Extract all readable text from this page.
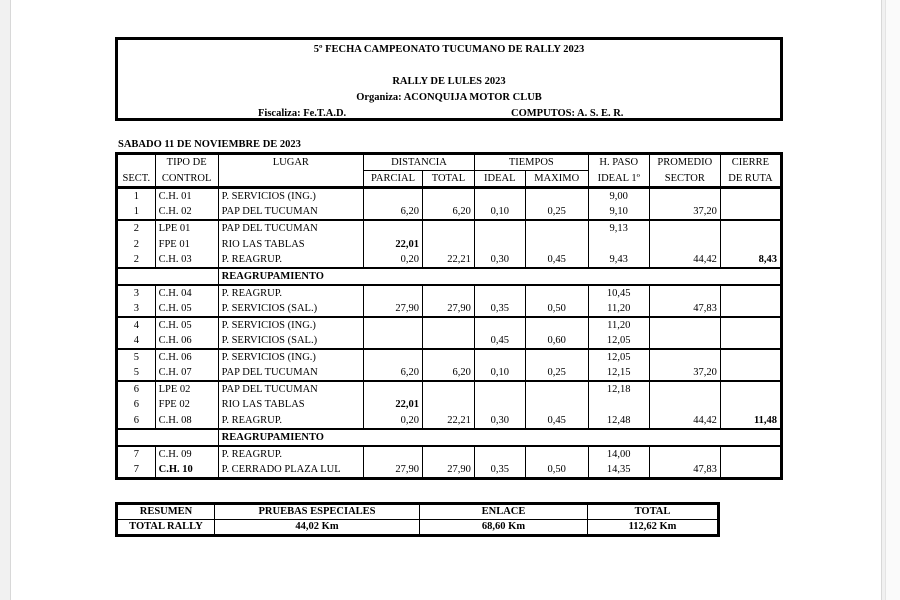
5º FECHA CAMPEONATO TUCUMANO DE RALLY 2023
RALLY DE LULES 2023
Organiza: ACONQUIJA MOTOR CLUB
Fiscaliza: Fe.T.A.D.	COMPUTOS: A. S. E. R.
SABADO 11 DE NOVIEMBRE DE 2023
	TIPO DE	LUGAR	DISTANCIA		TIEMPOS		H. PASO	PROMEDIO	CIERRE
SECT.	CONTROL		PARCIAL	TOTAL	IDEAL	MAXIMO	IDEAL 1º	SECTOR	DE RUTA
1	C.H. 01	P. SERVICIOS (ING.)					9,00		
1	C.H. 02	PAP DEL TUCUMAN	6,20	6,20	0,10	0,25	9,10	37,20	
2	LPE 01	PAP DEL TUCUMAN					9,13		
2	FPE 01	RIO LAS TABLAS	22,01						
2	C.H. 03	P. REAGRUP.	0,20	22,21	0,30	0,45	9,43	44,42	8,43
		REAGRUPAMIENTO							
3	C.H. 04	P. REAGRUP.					10,45		
3	C.H. 05	P. SERVICIOS (SAL.)	27,90	27,90	0,35	0,50	11,20	47,83	
4	C.H. 05	P. SERVICIOS (ING.)					11,20		
4	C.H. 06	P. SERVICIOS (SAL.)			0,45	0,60	12,05		
5	C.H. 06	P. SERVICIOS (ING.)					12,05		
5	C.H. 07	PAP DEL TUCUMAN	6,20	6,20	0,10	0,25	12,15	37,20	
6	LPE 02	PAP DEL TUCUMAN					12,18		
6	FPE 02	RIO LAS TABLAS	22,01						
6	C.H. 08	P. REAGRUP.	0,20	22,21	0,30	0,45	12,48	44,42	11,48
		REAGRUPAMIENTO							
7	C.H. 09	P. REAGRUP.					14,00		
7	C.H. 10	P. CERRADO PLAZA LUL	27,90	27,90	0,35	0,50	14,35	47,83	
RESUMEN	PRUEBAS ESPECIALES	ENLACE	TOTAL
TOTAL RALLY	44,02 Km	68,60 Km	112,62 Km
